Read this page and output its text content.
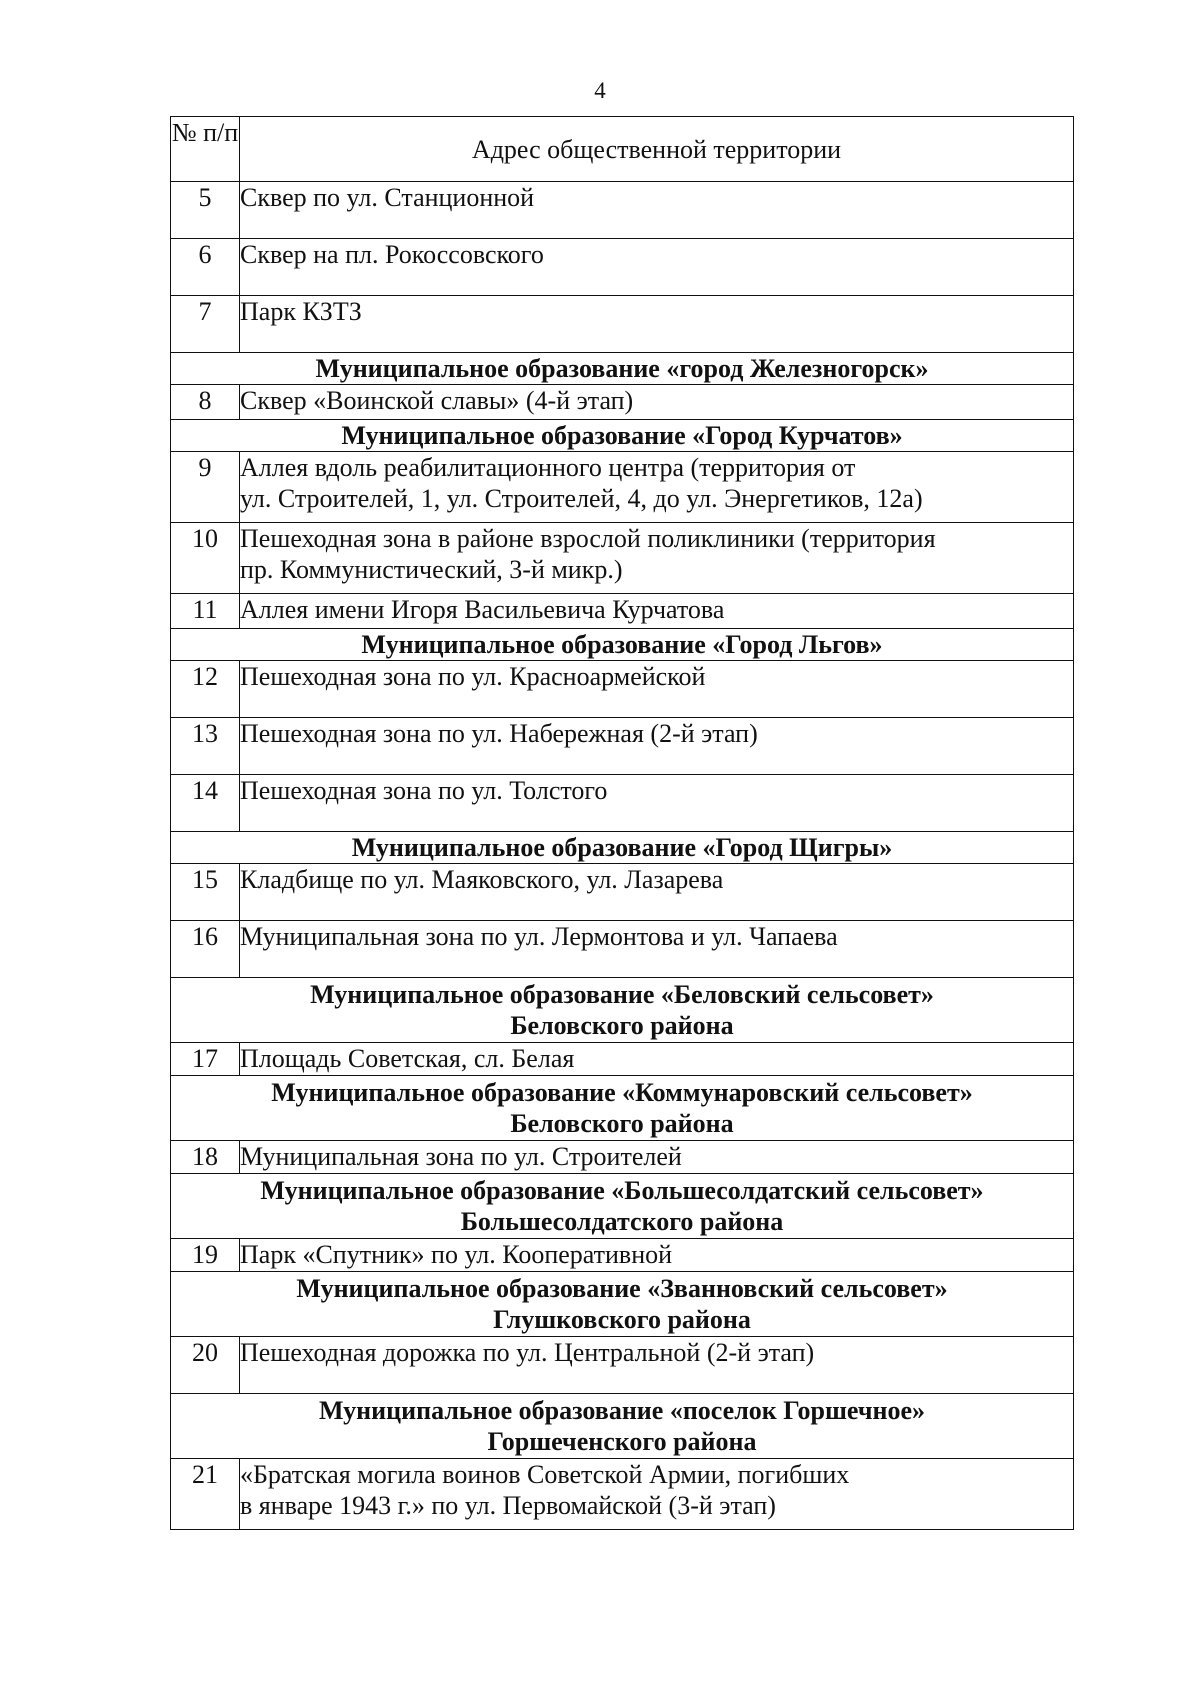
4
№ п/п	Адрес общественной территории
5	Сквер по ул. Станционной
6	Сквер на пл. Рокоссовского
7	Парк КЗТЗ
Муниципальное образование «город Железногорск»	
8	Сквер «Воинской славы» (4-й этап)
Муниципальное образование «Город Курчатов»	
9	Аллея вдоль реабилитационного центра (территория от
ул. Строителей, 1, ул. Строителей, 4, до ул. Энергетиков, 12а)

10	Пешеходная зона в районе взрослой поликлиники (территория
пр. Коммунистический, 3-й микр.)

11	Аллея имени Игоря Васильевича Курчатова
Муниципальное образование «Город Льгов»	
12	Пешеходная зона по ул. Красноармейской
13	Пешеходная зона по ул. Набережная (2-й этап)
14	Пешеходная зона по ул. Толстого
Муниципальное образование «Город Щигры»	
15	Кладбище по ул. Маяковского, ул. Лазарева
16	Муниципальная зона по ул. Лермонтова и ул. Чапаева

Муниципальное образование «Беловский сельсовет»
Беловского района	

17	Площадь Советская, сл. Белая

Муниципальное образование «Коммунаровский сельсовет»
Беловского района	

18	Муниципальная зона по ул. Строителей

Муниципальное образование «Большесолдатский сельсовет»
Большесолдатского района	

19	Парк «Спутник» по ул. Кооперативной

Муниципальное образование «Званновский сельсовет»
Глушковского района	

20	Пешеходная дорожка по ул. Центральной (2-й этап)

Муниципальное образование «поселок Горшечное»
Горшеченского района	

21	«Братская могила воинов Советской Армии, погибших
в январе 1943 г.» по ул. Первомайской (3-й этап)
